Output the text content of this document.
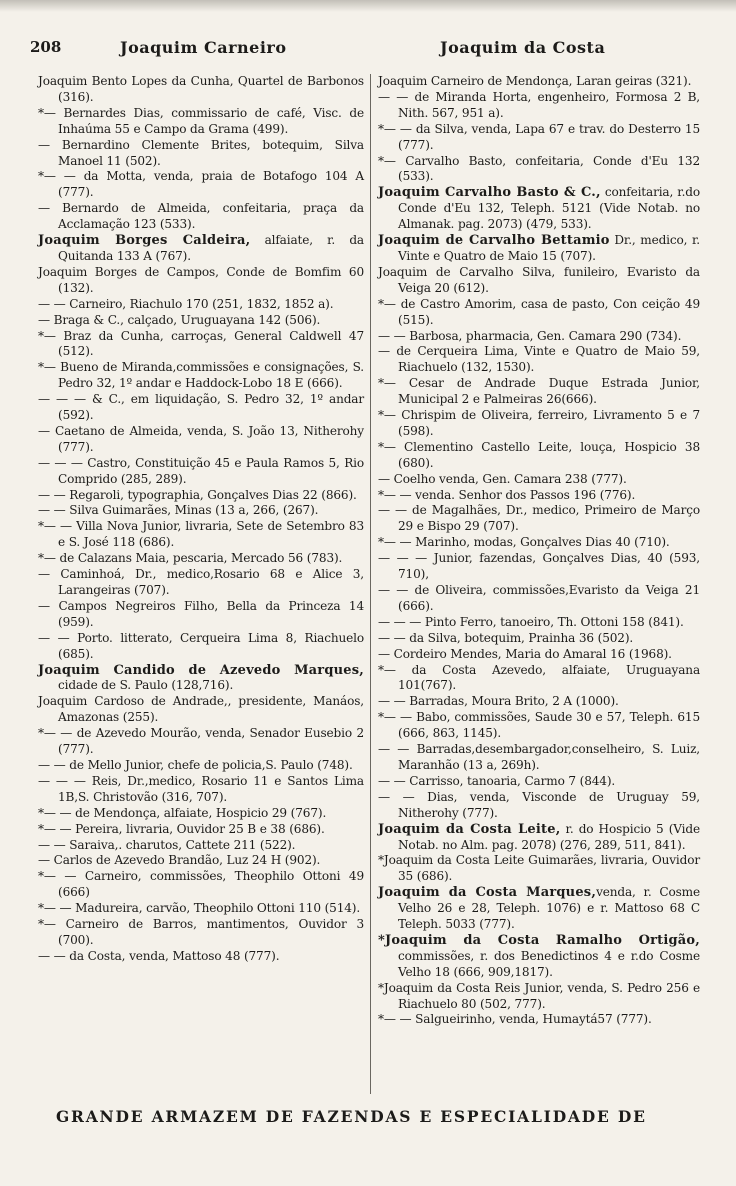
208	Joaquim Carneiro	Joaquim da Costa
Joaquim Bento Lopes da Cunha, Quartel de Barbonos (316).
*— Bernardes Dias, commissario de café, Visc. de Inhaúma 55 e Campo da Grama (499).
— Bernardino Clemente Brites, botequim, Silva Manoel 11 (502).
*— — da Motta, venda, praia de Botafogo 104 A (777).
— Bernardo de Almeida, confeitaria, praça da Acclamação 123 (533).
Joaquim Borges Caldeira, alfaiate, r. da Quitanda 133 A (767).
Joaquim Borges de Campos, Conde de Bomfim 60 (132).
— — Carneiro, Riachulo 170 (251, 1832, 1852 a).
— Braga & C., calçado, Uruguayana 142 (506).
*— Braz da Cunha, carroças, General Caldwell 47 (512).
*— Bueno de Miranda,commissões e consignações, S. Pedro 32, 1º andar e Haddock-Lobo 18 E (666).
— — — & C., em liquidação, S. Pedro 32, 1º andar (592).
— Caetano de Almeida, venda, S. João 13, Nitherohy (777).
— — — Castro, Constituição 45 e Paula Ramos 5, Rio Comprido (285, 289).
— — Regaroli, typographia, Gonçalves Dias 22 (866).
— — Silva Guimarães, Minas (13 a, 266, (267).
*— — Villa Nova Junior, livraria, Sete de Setembro 83 e S. José 118 (686).
*— de Calazans Maia, pescaria, Mercado 56 (783).
— Caminhoá, Dr., medico,Rosario 68 e Alice 3, Larangeiras (707).
— Campos Negreiros Filho, Bella da Princeza 14 (959).
— — Porto. litterato, Cerqueira Lima 8, Riachuelo (685).
Joaquim Candido de Azevedo Marques, cidade de S. Paulo (128,716).
Joaquim Cardoso de Andrade,, presidente, Manáos, Amazonas (255).
*— — de Azevedo Mourão, venda, Senador Eusebio 2 (777).
— — de Mello Junior, chefe de policia,S. Paulo (748).
— — — Reis, Dr.,medico, Rosario 11 e Santos Lima 1B,S. Christovão (316, 707).
*— — de Mendonça, alfaiate, Hospicio 29 (767).
*— — Pereira, livraria, Ouvidor 25 B e 38 (686).
— — Saraiva,. charutos, Cattete 211 (522).
— Carlos de Azevedo Brandão, Luz 24 H (902).
*— — Carneiro, commissões, Theophilo Ottoni 49 (666)
*— — Madureira, carvão, Theophilo Ottoni 110 (514).
*— Carneiro de Barros, mantimentos, Ouvidor 3 (700).
— — da Costa, venda, Mattoso 48 (777).
Joaquim Carneiro de Mendonça, Laran geiras (321).
— — de Miranda Horta, engenheiro, Formosa 2 B, Nith. 567, 951 a).
*— — da Silva, venda, Lapa 67 e trav. do Desterro 15 (777).
*— Carvalho Basto, confeitaria, Conde d'Eu 132 (533).
Joaquim Carvalho Basto & C., confeitaria, r.do Conde d'Eu 132, Teleph. 5121 (Vide Notab. no Almanak. pag. 2073) (479, 533).
Joaquim de Carvalho Bettamio Dr., medico, r. Vinte e Quatro de Maio 15 (707).
Joaquim de Carvalho Silva, funileiro, Evaristo da Veiga 20 (612).
*— de Castro Amorim, casa de pasto, Con ceição 49 (515).
— — Barbosa, pharmacia, Gen. Camara 290 (734).
— de Cerqueira Lima, Vinte e Quatro de Maio 59, Riachuelo (132, 1530).
*— Cesar de Andrade Duque Estrada Junior, Municipal 2 e Palmeiras 26(666).
*— Chrispim de Oliveira, ferreiro, Livramento 5 e 7 (598).
*— Clementino Castello Leite, louça, Hospicio 38 (680).
— Coelho venda, Gen. Camara 238 (777).
*— — venda. Senhor dos Passos 196 (776).
— — de Magalhães, Dr., medico, Primeiro de Março 29 e Bispo 29 (707).
*— — Marinho, modas, Gonçalves Dias 40 (710).
— — — Junior, fazendas, Gonçalves Dias, 40 (593, 710),
— — de Oliveira, commissões,Evaristo da Veiga 21 (666).
— — — Pinto Ferro, tanoeiro, Th. Ottoni 158 (841).
— — da Silva, botequim, Prainha 36 (502).
— Cordeiro Mendes, Maria do Amaral 16 (1968).
*— da Costa Azevedo, alfaiate, Uruguayana 101(767).
— — Barradas, Moura Brito, 2 A (1000).
*— — Babo, commissões, Saude 30 e 57, Teleph. 615 (666, 863, 1145).
— — Barradas,desembargador,conselheiro, S. Luiz, Maranhão (13 a, 269h).
— — Carrisso, tanoaria, Carmo 7 (844).
— — Dias, venda, Visconde de Uruguay 59, Nitherohy (777).
Joaquim da Costa Leite, r. do Hospicio 5 (Vide Notab. no Alm. pag. 2078) (276, 289, 511, 841).
*Joaquim da Costa Leite Guimarães, livraria, Ouvidor 35 (686).
Joaquim da Costa Marques,venda, r. Cosme Velho 26 e 28, Teleph. 1076) e r. Mattoso 68 C Teleph. 5033 (777).
*Joaquim da Costa Ramalho Ortigão, commissões, r. dos Benedictinos 4 e r.do Cosme Velho 18 (666, 909,1817).
*Joaquim da Costa Reis Junior, venda, S. Pedro 256 e Riachuelo 80 (502, 777).
*— — Salgueirinho, venda, Humaytá57 (777).
GRANDE ARMAZEM DE FAZENDAS E ESPECIALIDADE DE
